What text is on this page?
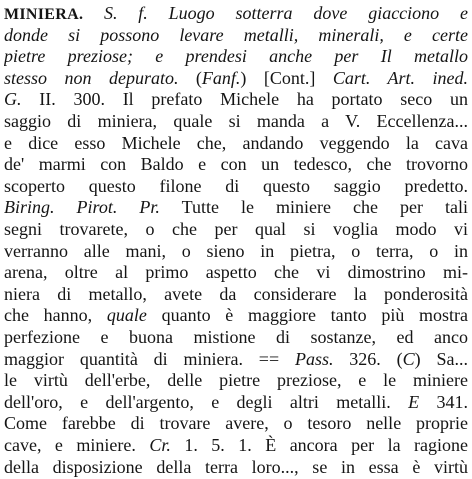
MINIERA. S. f. Luogo sotterra dove giacciono e
donde si possono levare metalli, minerali, e certe
pietre preziose; e prendesi anche per Il metallo
stesso non depurato. (Fanf.) [Cont.] Cart. Art. ined.
G. II. 300. Il prefato Michele ha portato seco un
saggio di miniera, quale si manda a V. Eccellenza...
e dice esso Michele che, andando veggendo la cava
de' marmi con Baldo e con un tedesco, che trovorno
scoperto questo filone di questo saggio predetto.
Biring. Pirot. Pr. Tutte le miniere che per tali
segni trovarete, o che per qual si voglia modo vi
verranno alle mani, o sieno in pietra, o terra, o in
arena, oltre al primo aspetto che vi dimostrino mi-
niera di metallo, avete da considerare la ponderosità
che hanno, quale quanto è maggiore tanto più mostra
perfezione e buona mistione di sostanze, ed anco
maggior quantità di miniera. == Pass. 326. (C) Sa...
le virtù dell'erbe, delle pietre preziose, e le miniere
dell'oro, e dell'argento, e degli altri metalli. E 341.
Come farebbe di trovare avere, o tesoro nelle proprie
cave, e miniere. Cr. 1. 5. 1. È ancora per la ragione
della disposizione della terra loro..., se in essa è virtù
